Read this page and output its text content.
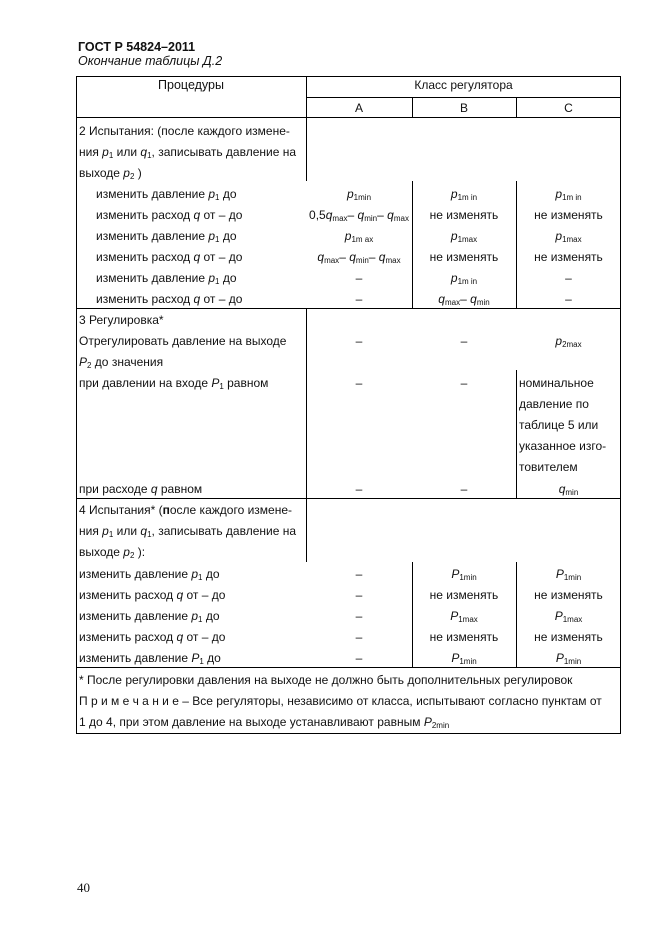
ГОСТ Р 54824–2011
Окончание таблицы Д.2
Процедуры	Класс регулятора
А	В	С
2 Испытания: (после каждого измене-
ния $p_1$ или $q_1$, записывать давление на
выходе $p_2$ )
изменить давление $p_1$ до	$p_{1min}$	$p_{1m in}$	$p_{1m in}$
изменить расход q от – до	$0,5q_{max}-$ $q_{min}-$ $q_{max}$	не изменять	не изменять
изменить давление $p_1$ до	$p_{1m ax}$	$p_{1max}$	$p_{1max}$
изменить расход q от – до	$q_{max}-$ $q_{min}-$ $q_{max}$	не изменять	не изменять
изменить давление $p_1$ до	–	$p_{1m in}$	–
изменить расход q от – до	–	$q_{max}-$ $q_{min}$	–
3 Регулировка*
Отрегулировать давление на выходе	–	–	$p_{2max}$
$P_2$ до значения
при давлении на входе $P_1$ равном	–	–	номинальное
давление по
таблице 5 или
указанное изго-
товителем
при расходе q равном	–	–	$q_{min}$
4 Испытания* (после каждого измене-
ния $p_1$ или $q_1$, записывать давление на
выходе $p_2$ ):
изменить давление $p_1$ до	–	$P_{1min}$	$P_{1min}$
изменить расход q от – до	–	не изменять	не изменять
изменить давление $p_1$ до	–	$P_{1max}$	$P_{1max}$
изменить расход q от – до	–	не изменять	не изменять
изменить давление $P_1$ до	–	$P_{1min}$	$P_{1min}$
* После регулировки давления на выходе не должно быть дополнительных регулировок
П р и м е ч а н и е – Все регуляторы, независимо от класса, испытывают согласно пунктам от
1 до 4, при этом давление на выходе устанавливают равным $P_{2min}$
40
